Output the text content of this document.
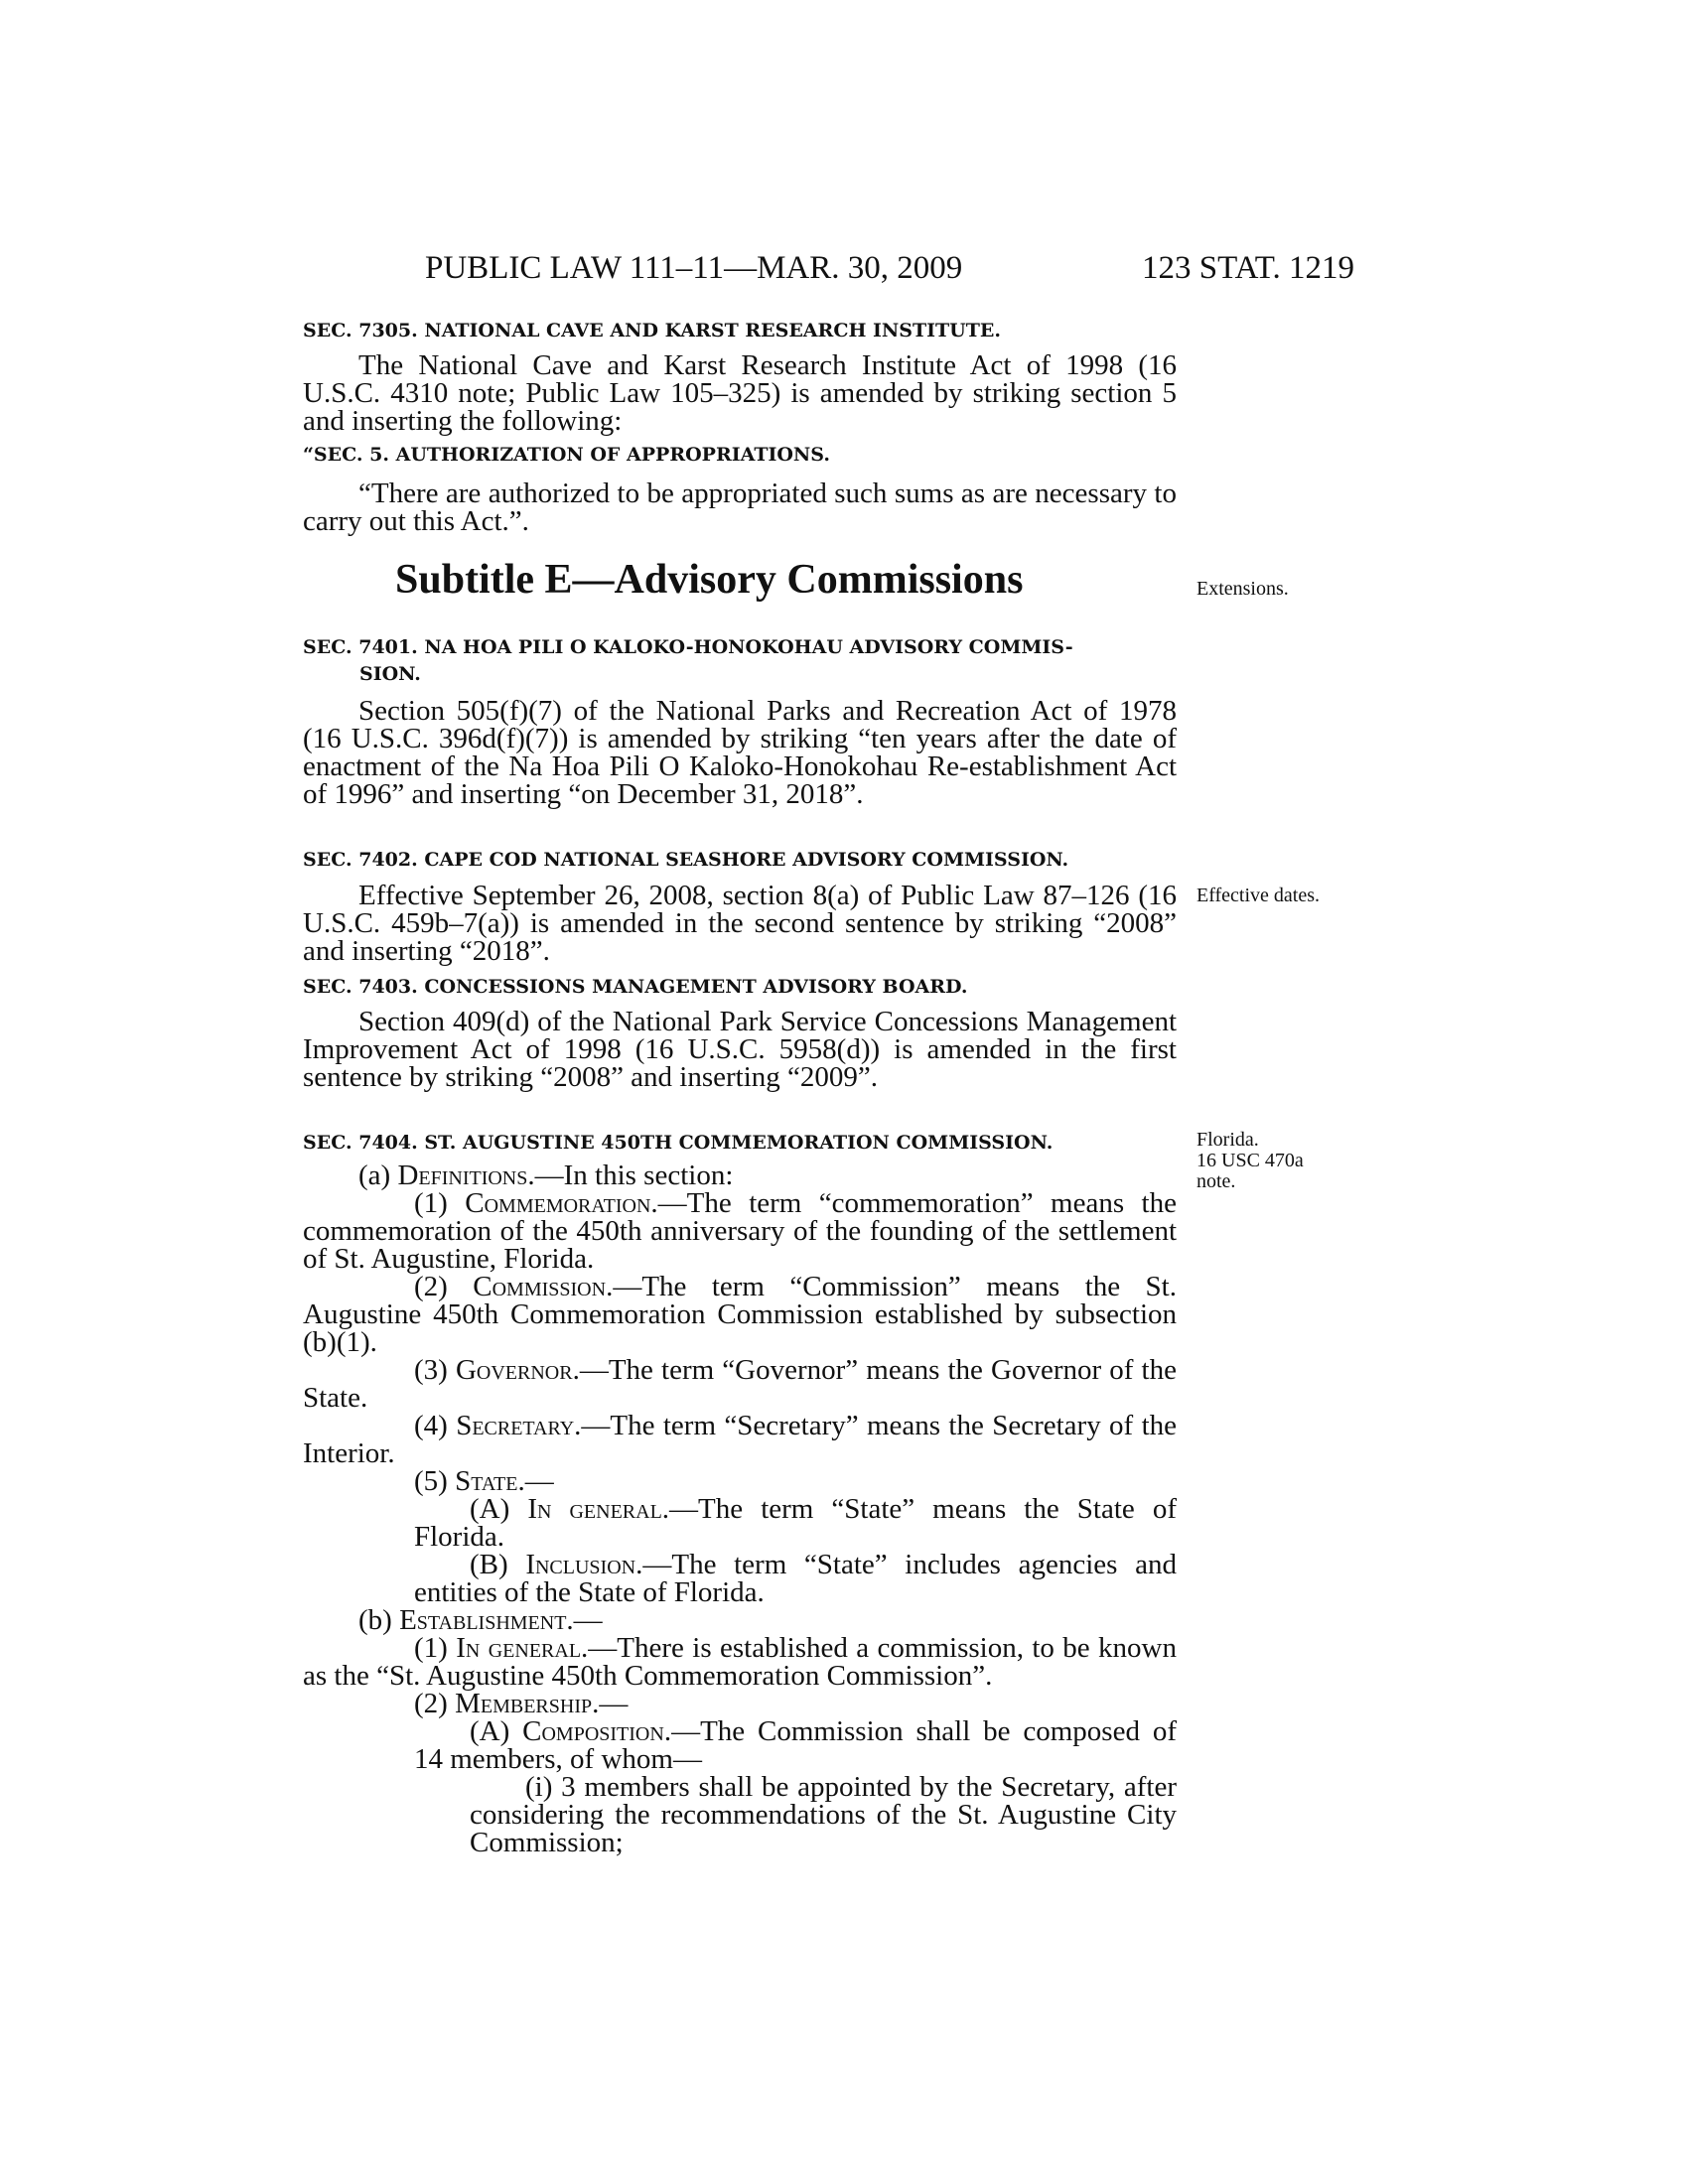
PUBLIC LAW 111–11—MAR. 30, 2009	123 STAT. 1219
SEC. 7305. NATIONAL CAVE AND KARST RESEARCH INSTITUTE.
The National Cave and Karst Research Institute Act of 1998 (16 U.S.C. 4310 note; Public Law 105–325) is amended by striking section 5 and inserting the following:
“SEC. 5. AUTHORIZATION OF APPROPRIATIONS.
“There are authorized to be appropriated such sums as are necessary to carry out this Act.”.
Subtitle E—Advisory Commissions	Extensions.
SEC. 7401. NA HOA PILI O KALOKO-HONOKOHAU ADVISORY COMMIS-
SION.
Section 505(f)(7) of the National Parks and Recreation Act of 1978 (16 U.S.C. 396d(f)(7)) is amended by striking “ten years after the date of enactment of the Na Hoa Pili O Kaloko-Honokohau Re-establishment Act of 1996” and inserting “on December 31, 2018”.
SEC. 7402. CAPE COD NATIONAL SEASHORE ADVISORY COMMISSION.
Effective September 26, 2008, section 8(a) of Public Law 87–126 (16 U.S.C. 459b–7(a)) is amended in the second sentence by striking “2008” and inserting “2018”.
Effective dates.
SEC. 7403. CONCESSIONS MANAGEMENT ADVISORY BOARD.
Section 409(d) of the National Park Service Concessions Management Improvement Act of 1998 (16 U.S.C. 5958(d)) is amended in the first sentence by striking “2008” and inserting “2009”.
SEC. 7404. ST. AUGUSTINE 450TH COMMEMORATION COMMISSION.	Florida.
16 USC 470a
note.

(a) Definitions.—In this section:

(1) Commemoration.—The term “commemoration” means the commemoration of the 450th anniversary of the founding of the settlement of St. Augustine, Florida.

(2) Commission.—The term “Commission” means the St. Augustine 450th Commemoration Commission established by subsection (b)(1).

(3) Governor.—The term “Governor” means the Governor of the State.

(4) Secretary.—The term “Secretary” means the Secretary of the Interior.

(5) State.—

(A) In general.—The term “State” means the State of Florida.

(B) Inclusion.—The term “State” includes agencies and entities of the State of Florida.

(b) Establishment.—

(1) In general.—There is established a commission, to be known as the “St. Augustine 450th Commemoration Commission”.

(2) Membership.—

(A) Composition.—The Commission shall be composed of 14 members, of whom—

(i) 3 members shall be appointed by the Secretary, after considering the recommendations of the St. Augustine City Commission;
